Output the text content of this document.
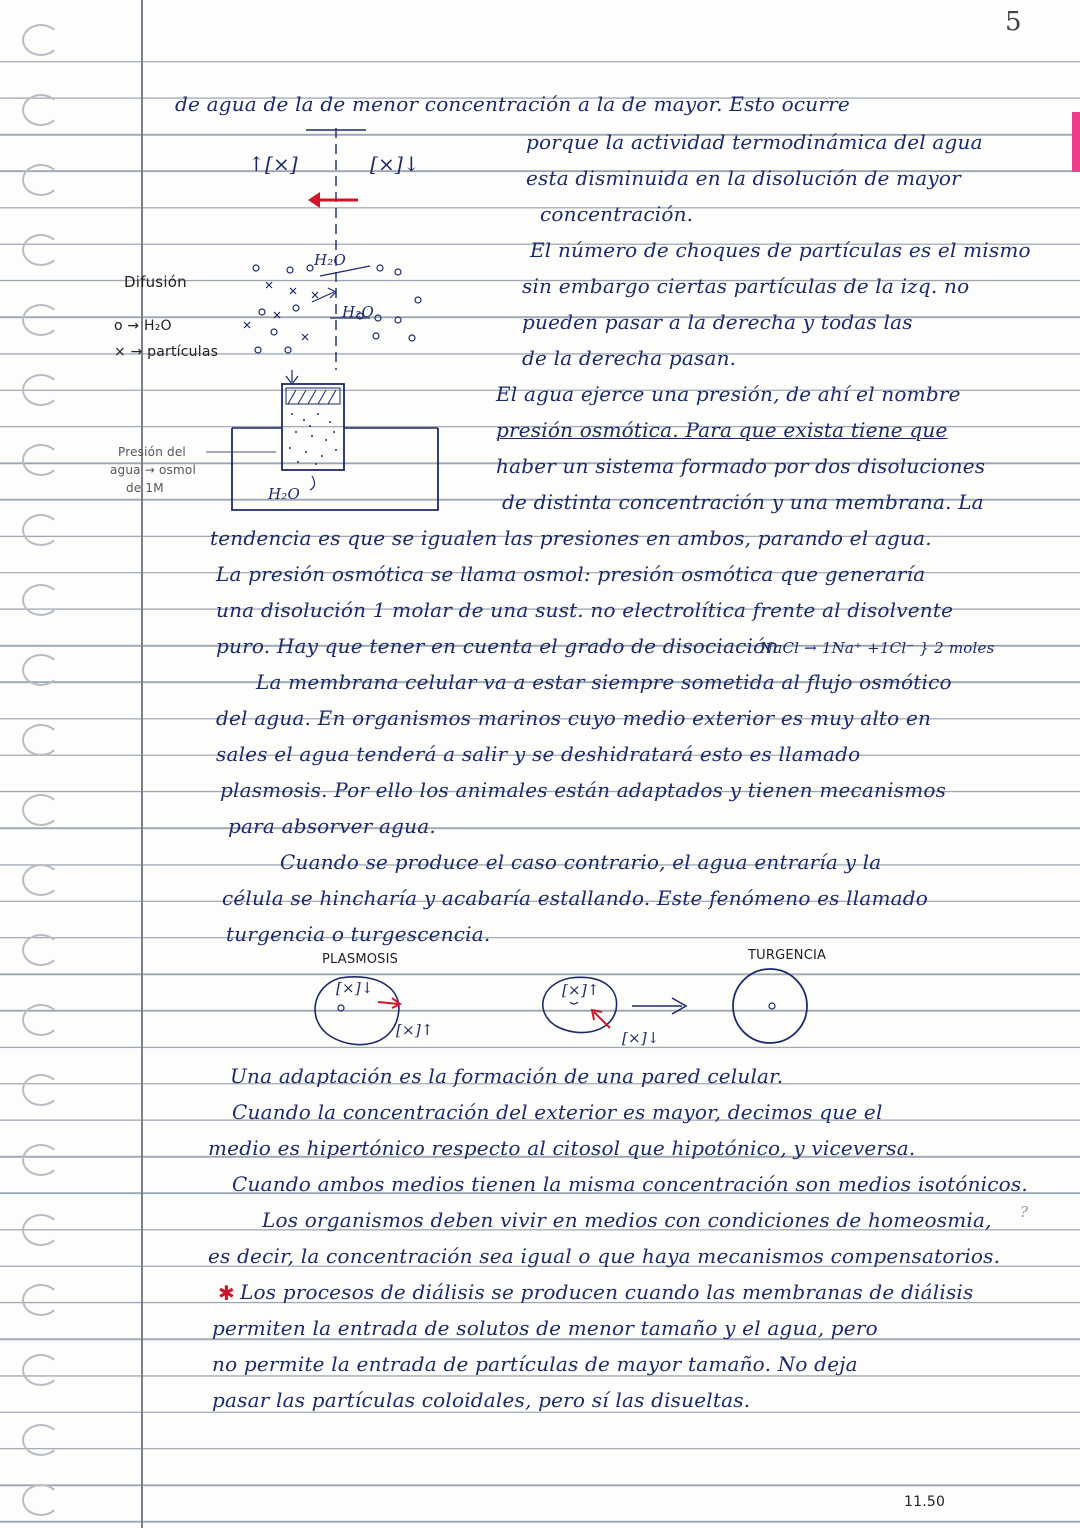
5
de agua de la de menor concentración a la de mayor. Esto ocurre
porque la actividad termodinámica del agua
esta disminuida en la disolución de mayor
concentración.
El número de choques de partículas es el mismo
sin embargo ciertas partículas de la izq. no
pueden pasar a la derecha y todas las
de la derecha pasan.
El agua ejerce una presión, de ahí el nombre
presión osmótica. Para que exista tiene que
haber un sistema formado por dos disoluciones
de distinta concentración y una membrana. La
tendencia es que se igualen las presiones en ambos, parando el agua.
La presión osmótica se llama osmol: presión osmótica que generaría
una disolución 1 molar de una sust. no electrolítica frente al disolvente
puro. Hay que tener en cuenta el grado de disociación
NaCl → 1Na⁺ +1Cl⁻ } 2 moles
La membrana celular va a estar siempre sometida al flujo osmótico
del agua. En organismos marinos cuyo medio exterior es muy alto en
sales el agua tenderá a salir y se deshidratará esto es llamado
plasmosis. Por ello los animales están adaptados y tienen mecanismos
para absorver agua.
Cuando se produce el caso contrario, el agua entraría y la
célula se hincharía y acabaría estallando. Este fenómeno es llamado
turgencia o turgescencia.
PLASMOSIS	TURGENCIA
[×]↓
[×]↑
[×]↑
[×]↓
Una adaptación es la formación de una pared celular.
Cuando la concentración del exterior es mayor, decimos que el
medio es hipertónico respecto al citosol que hipotónico, y viceversa.
Cuando ambos medios tienen la misma concentración son medios isotónicos.
Los organismos deben vivir en medios con condiciones de homeosmia, ?
es decir, la concentración sea igual o que haya mecanismos compensatorios.
Los procesos de diálisis se producen cuando las membranas de diálisis
✱
permiten la entrada de solutos de menor tamaño y el agua, pero
no permite la entrada de partículas de mayor tamaño. No deja
pasar las partículas coloidales, pero sí las disueltas.
11.50
↑[×]	[×]↓
H₂O
H₂O
H₂O
Difusión
o → H₂O
× → partículas
Presión del
agua → osmol
de 1M
